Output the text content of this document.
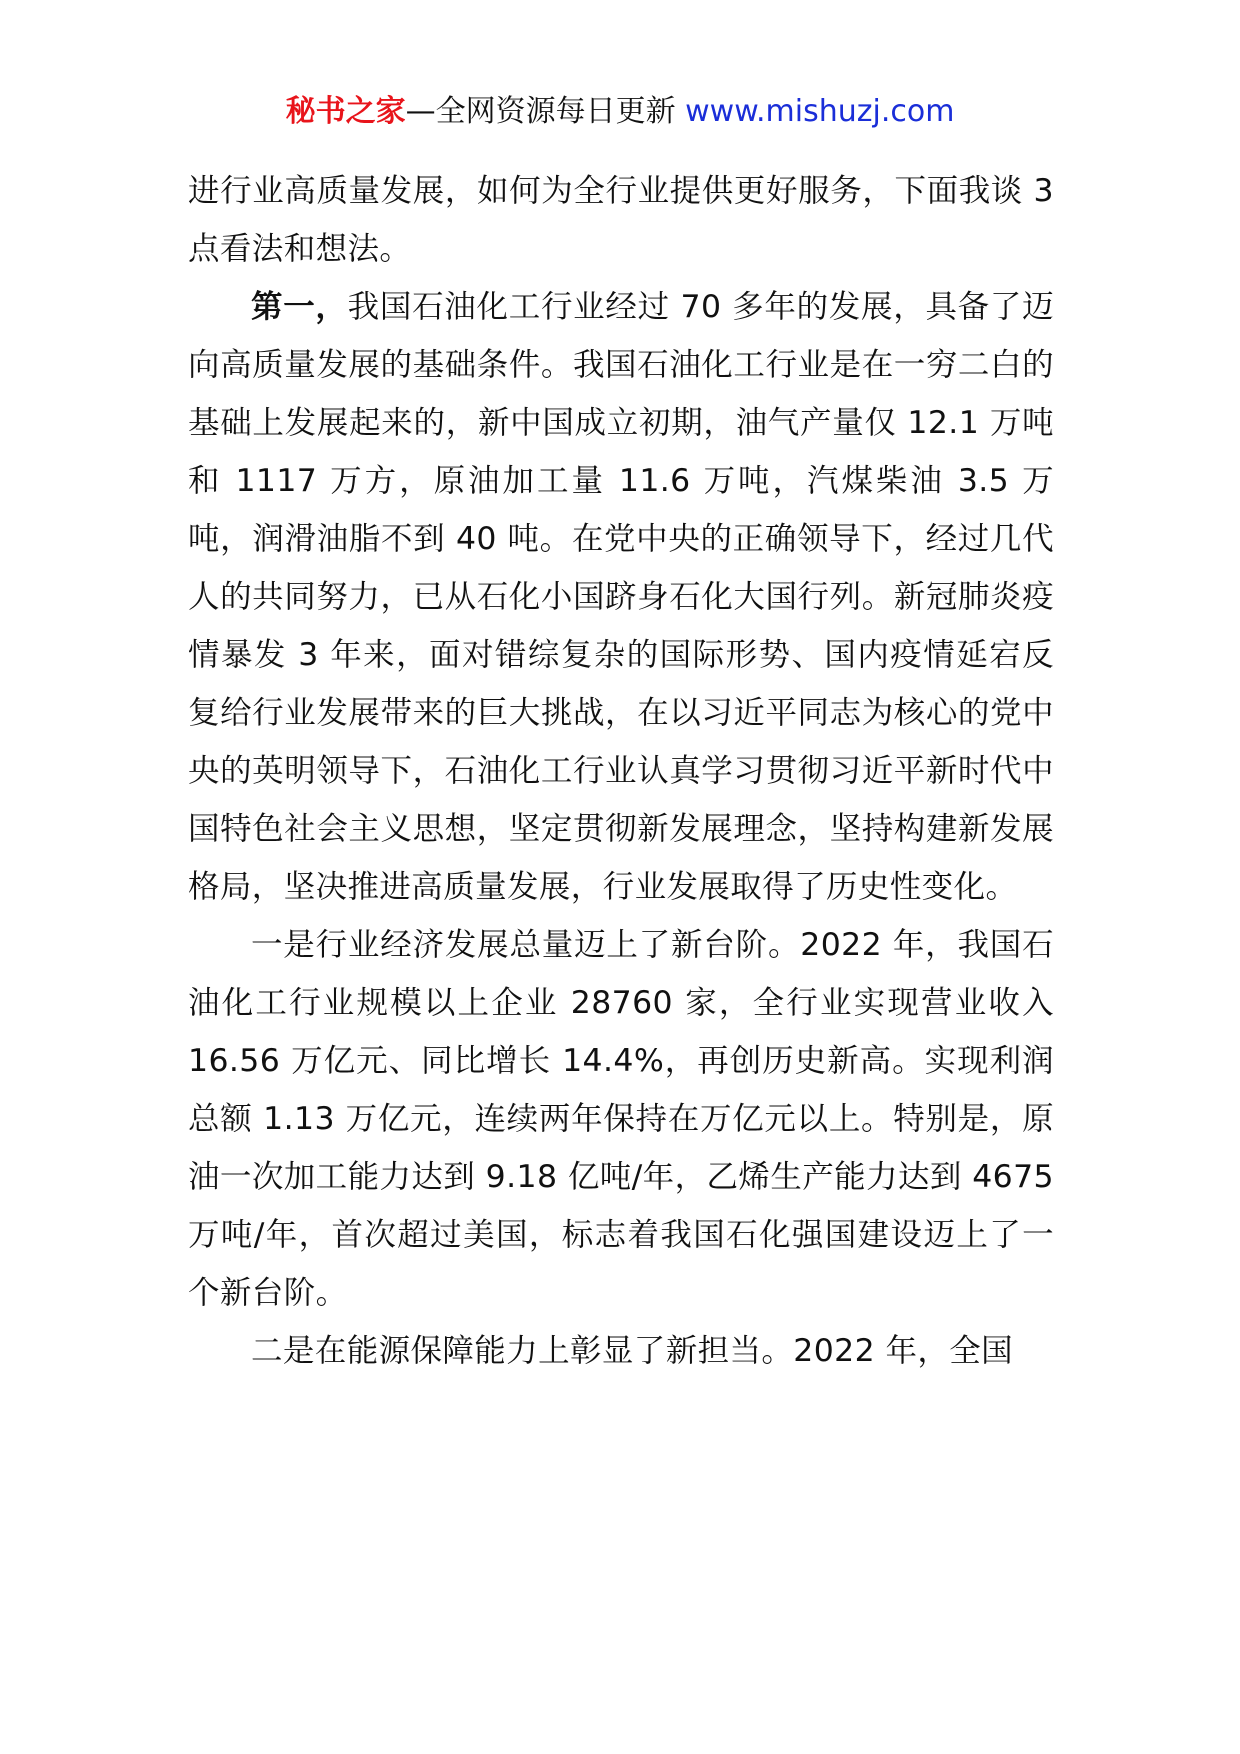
秘书之家—全网资源每日更新 www.mishuzj.com

进行业高质量发展，如何为全行业提供更好服务，下面我谈 3 点看法和想法。

第一，我国石油化工行业经过 70 多年的发展，具备了迈向高质量发展的基础条件。我国石油化工行业是在一穷二白的基础上发展起来的，新中国成立初期，油气产量仅 12.1 万吨和 1117 万方，原油加工量 11.6 万吨，汽煤柴油 3.5 万吨，润滑油脂不到 40 吨。在党中央的正确领导下，经过几代人的共同努力，已从石化小国跻身石化大国行列。新冠肺炎疫情暴发 3 年来，面对错综复杂的国际形势、国内疫情延宕反复给行业发展带来的巨大挑战，在以习近平同志为核心的党中央的英明领导下，石油化工行业认真学习贯彻习近平新时代中国特色社会主义思想，坚定贯彻新发展理念，坚持构建新发展格局，坚决推进高质量发展，行业发展取得了历史性变化。

一是行业经济发展总量迈上了新台阶。2022 年，我国石油化工行业规模以上企业 28760 家，全行业实现营业收入 16.56 万亿元、同比增长 14.4%，再创历史新高。实现利润总额 1.13 万亿元，连续两年保持在万亿元以上。特别是，原油一次加工能力达到 9.18 亿吨/年，乙烯生产能力达到 4675 万吨/年，首次超过美国，标志着我国石化强国建设迈上了一个新台阶。

二是在能源保障能力上彰显了新担当。2022 年，全国
